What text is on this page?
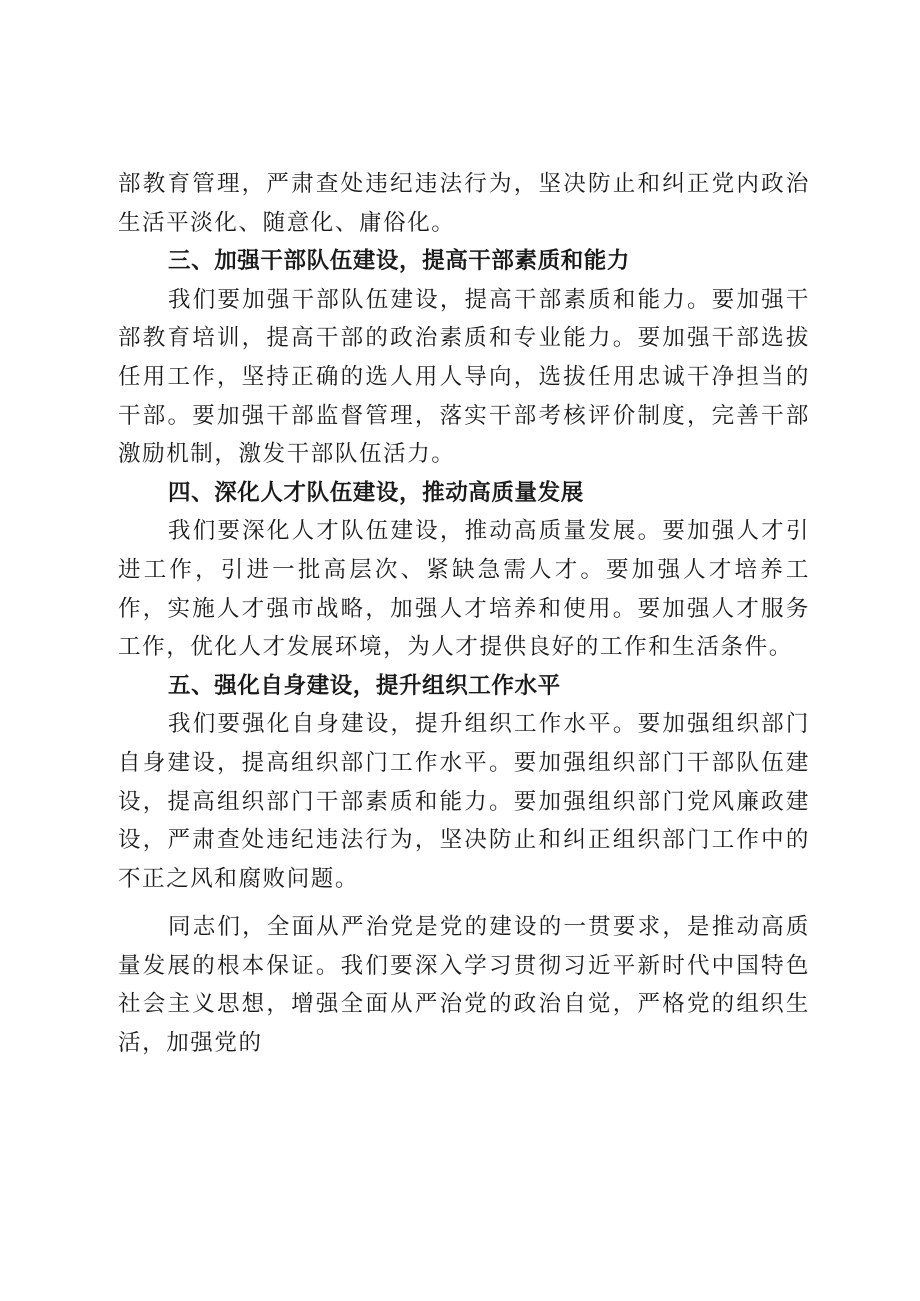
部教育管理，严肃查处违纪违法行为，坚决防止和纠正党内政治生活平淡化、随意化、庸俗化。

三、加强干部队伍建设，提高干部素质和能力

我们要加强干部队伍建设，提高干部素质和能力。要加强干部教育培训，提高干部的政治素质和专业能力。要加强干部选拔任用工作，坚持正确的选人用人导向，选拔任用忠诚干净担当的干部。要加强干部监督管理，落实干部考核评价制度，完善干部激励机制，激发干部队伍活力。

四、深化人才队伍建设，推动高质量发展

我们要深化人才队伍建设，推动高质量发展。要加强人才引进工作，引进一批高层次、紧缺急需人才。要加强人才培养工作，实施人才强市战略，加强人才培养和使用。要加强人才服务工作，优化人才发展环境，为人才提供良好的工作和生活条件。

五、强化自身建设，提升组织工作水平

我们要强化自身建设，提升组织工作水平。要加强组织部门自身建设，提高组织部门工作水平。要加强组织部门干部队伍建设，提高组织部门干部素质和能力。要加强组织部门党风廉政建设，严肃查处违纪违法行为，坚决防止和纠正组织部门工作中的不正之风和腐败问题。

同志们，全面从严治党是党的建设的一贯要求，是推动高质量发展的根本保证。我们要深入学习贯彻习近平新时代中国特色社会主义思想，增强全面从严治党的政治自觉，严格党的组织生活，加强党的
